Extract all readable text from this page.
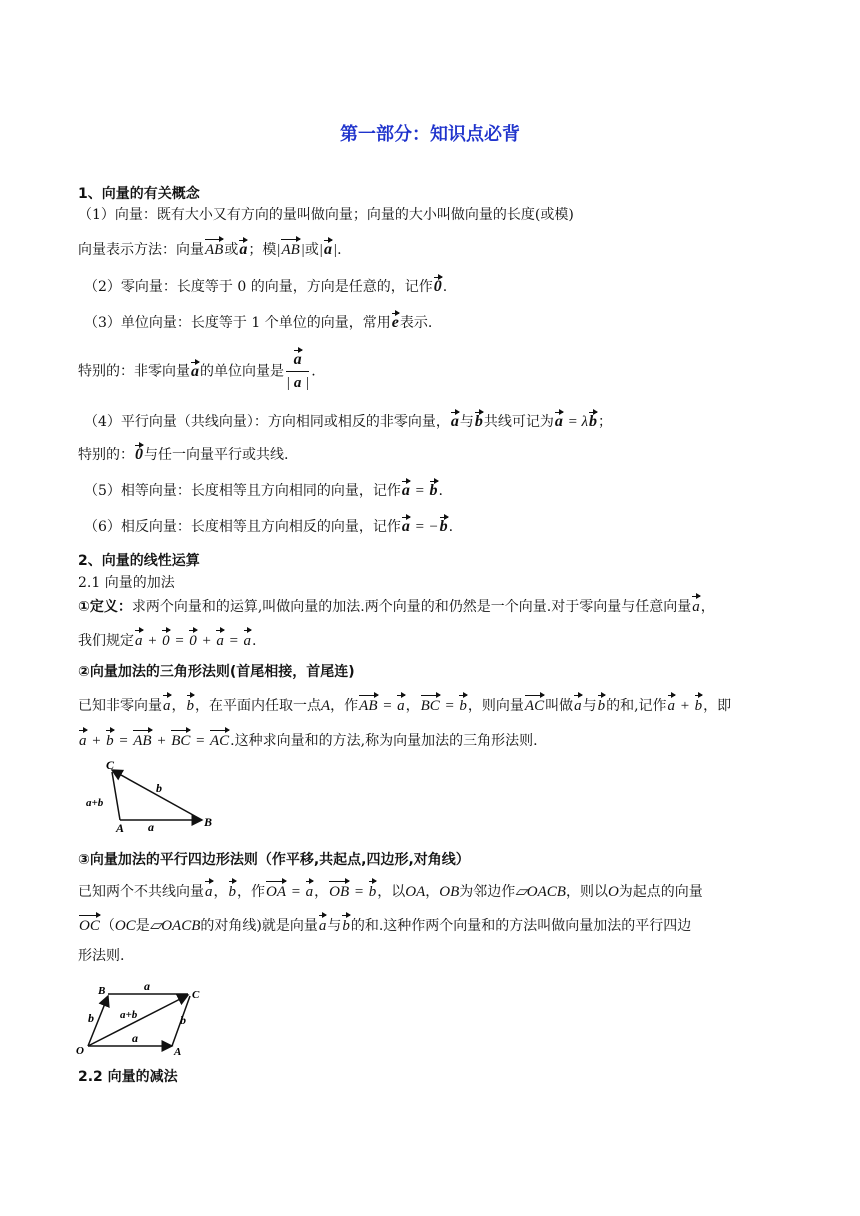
第一部分：知识点必背
1、向量的有关概念
（1）向量：既有大小又有方向的量叫做向量；向量的大小叫做向量的长度(或模)
向量表示方法：向量AB或a；模|AB|或|a|.
（2）零向量：长度等于 0 的向量，方向是任意的，记作0.
（3）单位向量：长度等于 1 个单位的向量，常用e表示.
特别的：非零向量a的单位向量是 $\frac{a}{| a |}$ .
（4）平行向量（共线向量）：方向相同或相反的非零向量，a与b共线可记为a = λb；
特别的：0与任一向量平行或共线.
（5）相等向量：长度相等且方向相同的向量，记作a = b.
（6）相反向量：长度相等且方向相反的向量，记作a = −b.
2、向量的线性运算
2.1 向量的加法
①定义：求两个向量和的运算,叫做向量的加法.两个向量的和仍然是一个向量.对于零向量与任意向量a，
我们规定a + 0 = 0 + a = a.
②向量加法的三角形法则(首尾相接，首尾连)
已知非零向量a，b，在平面内任取一点A，作AB = a，BC = b，则向量AC叫做a与b的和,记作a + b，即
a + b = AB + BC = AC.这种求向量和的方法,称为向量加法的三角形法则.
C
b
a+b
A a	B
③向量加法的平行四边形法则（作平移,共起点,四边形,对角线）
已知两个不共线向量a，b，作OA = a，OB = b，以OA，OB为邻边作▱OACB，则以O为起点的向量
OC（OC是▱OACB的对角线)就是向量a与b的和.这种作两个向量和的方法叫做向量加法的平行四边
形法则.
B	a
C
b a+b	b
O
a
A
2.2 向量的减法
